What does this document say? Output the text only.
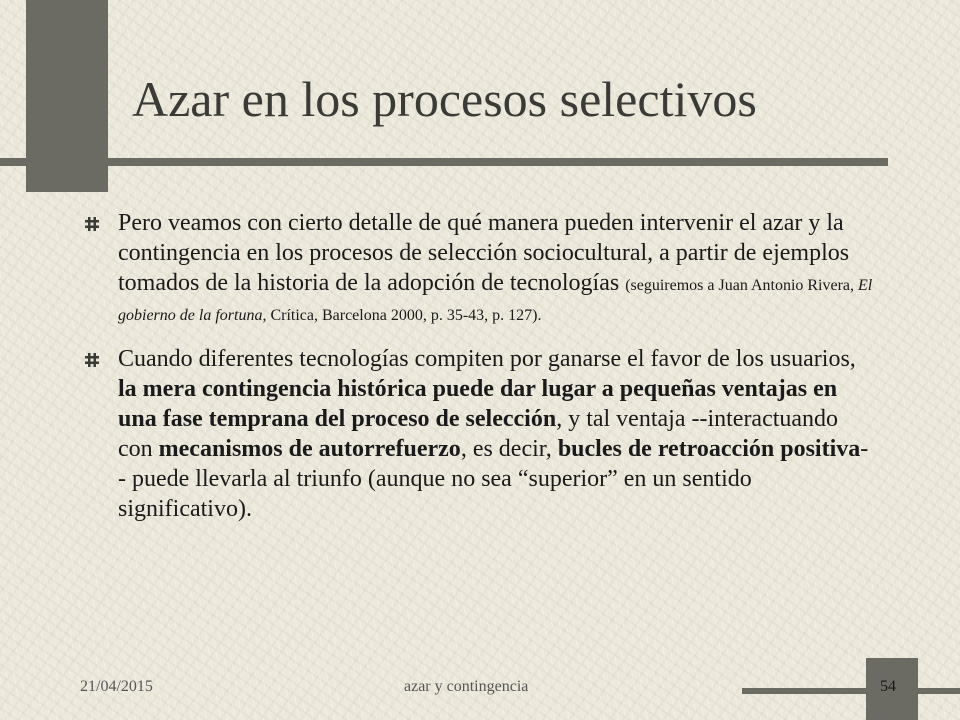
Azar en los procesos selectivos
Pero veamos con cierto detalle de qué manera pueden intervenir el azar y la contingencia en los procesos de selección sociocultural, a partir de ejemplos tomados de la historia de la adopción de tecnologías (seguiremos a Juan Antonio Rivera, El gobierno de la fortuna, Crítica, Barcelona 2000, p. 35-43, p. 127).
Cuando diferentes tecnologías compiten por ganarse el favor de los usuarios, la mera contingencia histórica puede dar lugar a pequeñas ventajas en una fase temprana del proceso de selección, y tal ventaja --interactuando con mecanismos de autorrefuerzo, es decir, bucles de retroacción positiva-- puede llevarla al triunfo (aunque no sea “superior” en un sentido significativo).
21/04/2015	azar y contingencia	54
